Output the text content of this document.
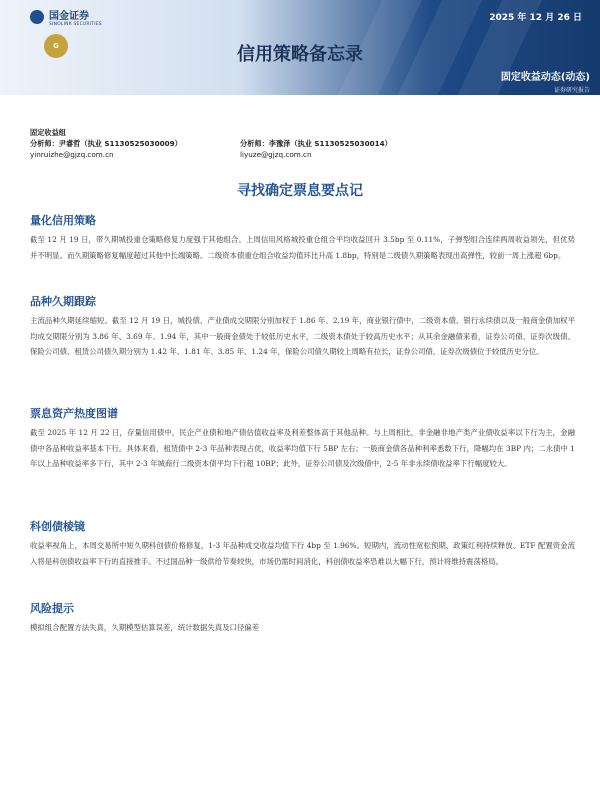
国金证券
SINOLINK SECURITIES
G
2025 年 12 月 26 日
信用策略备忘录
固定收益动态(动态)
证券研究报告
固定收益组
分析师：尹睿哲（执业 S1130525030009）	分析师：李豫泽（执业 S1130525030014）
yinruizhe@gjzq.com.cn	liyuze@gjzq.com.cn
寻找确定票息要点记
量化信用策略

截至 12 月 19 日，带久期城投重仓策略修复力度强于其他组合。上周信用风格城投重仓组合平均收益回升 3.5bp 至 0.11%，子弹型组合连续两周收益领先，但优势并不明显。而久期策略修复幅度超过其他中长端策略。二级资本债重仓组合收益均值环比升高 1.8bp，特别是二级债久期策略表现出高弹性，较前一周上涨超 6bp。

品种久期跟踪

主流品种久期延续缩短。截至 12 月 19 日，城投债、产业债成交期限分别加权于 1.86 年、2.19 年，商业银行债中，二级资本债、银行永续债以及一般商金债加权平均成交期限分别为 3.86 年、3.69 年、1.94 年，其中一般商金债处于较低历史水平，二级资本债处于较高历史水平；从其余金融债来看，证券公司债、证券次级债、保险公司债、租赁公司债久期分别为 1.42 年、1.81 年、3.85 年、1.24 年，保险公司债久期较上周略有拉长，证券公司债、证券次级债位于较低历史分位。

票息资产热度图谱

截至 2025 年 12 月 22 日，存量信用债中，民企产业债和地产债估值收益率及利差整体高于其他品种。与上周相比，非金融非地产类产业债收益率以下行为主，金融债中各品种收益率基本下行。具体来看，租赁债中 2-3 年品种表现占优，收益率均值下行 5BP 左右；一般商金债各品种利率悉数下行，降幅均在 3BP 内；二永债中 1 年以上品种收益率多下行，其中 2-3 年城商行二级资本债平均下行超 10BP；此外，证券公司债及次级债中，2-5 年非永续债收益率下行幅度较大。

科创债棱镜

收益率视角上，本周交易所中短久期科创债价格修复，1-3 年品种成交收益均值下行 4bp 至 1.96%。短期内，流动性宽松预期、政策红利持续释放、ETF 配置资金流入将是科创债收益率下行的直接推手。不过国品种一级供给节奏较快，市场仍需时间消化，科创债收益率恐难以大幅下行，预计将维持震荡格局。

风险提示

模拟组合配置方法失真，久期模型估算误差，统计数据失真及口径偏差
